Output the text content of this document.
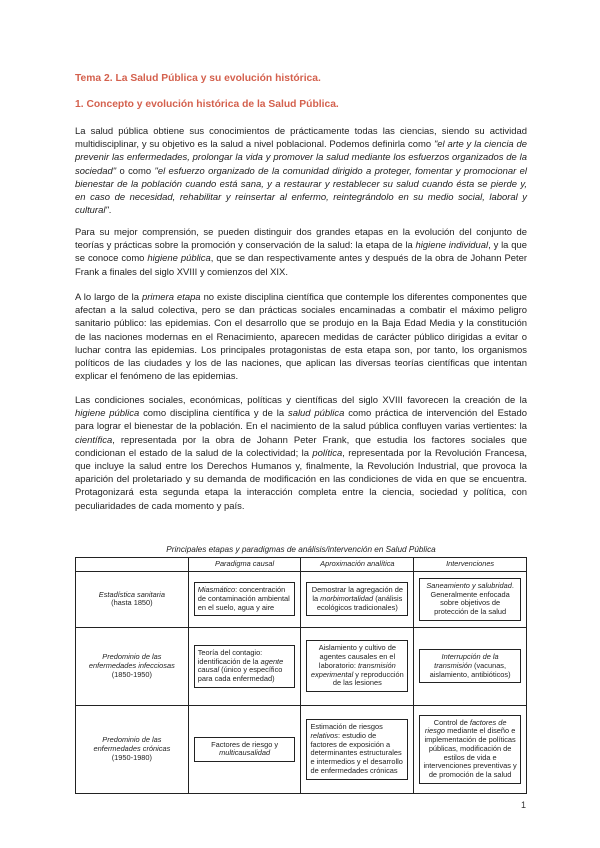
Tema 2. La Salud Pública y su evolución histórica.
1. Concepto y evolución histórica de la Salud Pública.

La salud pública obtiene sus conocimientos de prácticamente todas las ciencias, siendo su actividad multidisciplinar, y su objetivo es la salud a nivel poblacional. Podemos definirla como "el arte y la ciencia de prevenir las enfermedades, prolongar la vida y promover la salud mediante los esfuerzos organizados de la sociedad" o como "el esfuerzo organizado de la comunidad dirigido a proteger, fomentar y promocionar el bienestar de la población cuando está sana, y a restaurar y restablecer su salud cuando ésta se pierde y, en caso de necesidad, rehabilitar y reinsertar al enfermo, reintegrándolo en su medio social, laboral y cultural".

Para su mejor comprensión, se pueden distinguir dos grandes etapas en la evolución del conjunto de teorías y prácticas sobre la promoción y conservación de la salud: la etapa de la higiene individual, y la que se conoce como higiene pública, que se dan respectivamente antes y después de la obra de Johann Peter Frank a finales del siglo XVIII y comienzos del XIX.

A lo largo de la primera etapa no existe disciplina científica que contemple los diferentes componentes que afectan a la salud colectiva, pero se dan prácticas sociales encaminadas a combatir el máximo peligro sanitario público: las epidemias. Con el desarrollo que se produjo en la Baja Edad Media y la constitución de las naciones modernas en el Renacimiento, aparecen medidas de carácter público dirigidas a evitar o luchar contra las epidemias. Los principales protagonistas de esta etapa son, por tanto, los organismos políticos de las ciudades y los de las naciones, que aplican las diversas teorías científicas que intentan explicar el fenómeno de las epidemias.

Las condiciones sociales, económicas, políticas y científicas del siglo XVIII favorecen la creación de la higiene pública como disciplina científica y de la salud pública como práctica de intervención del Estado para lograr el bienestar de la población. En el nacimiento de la salud pública confluyen varias vertientes: la científica, representada por la obra de Johann Peter Frank, que estudia los factores sociales que condicionan el estado de la salud de la colectividad; la política, representada por la Revolución Francesa, que incluye la salud entre los Derechos Humanos y, finalmente, la Revolución Industrial, que provoca la aparición del proletariado y su demanda de modificación en las condiciones de vida en que se encuentra. Protagonizará esta segunda etapa la interacción completa entre la ciencia, sociedad y política, con peculiaridades de cada momento y país.

Principales etapas y paradigmas de análisis/intervención en Salud Pública

	Paradigma causal	Aproximación analítica	Intervenciones
Estadística sanitaria
(hasta 1850)	Miasmático: concentración de contaminación ambiental en el suelo, agua y aire	Demostrar la agregación de la morbimortalidad (análisis ecológicos tradicionales)	Saneamiento y salubridad. Generalmente enfocada sobre objetivos de protección de la salud

Predominio de las enfermedades infecciosas
(1850-1950)	Teoría del contagio: identificación de la agente causal (único y específico para cada enfermedad)	Aislamiento y cultivo de agentes causales en el laboratorio: transmisión experimental y reproducción de las lesiones	Interrupción de la transmisión (vacunas, aislamiento, antibióticos)

Predominio de las enfermedades crónicas
(1950-1980)	Factores de riesgo y multicausalidad	Estimación de riesgos relativos: estudio de factores de exposición a determinantes estructurales e intermedios y el desarrollo de enfermedades crónicas	Control de factores de riesgo mediante el diseño e implementación de políticas públicas, modificación de estilos de vida e intervenciones preventivas y de promoción de la salud

1
